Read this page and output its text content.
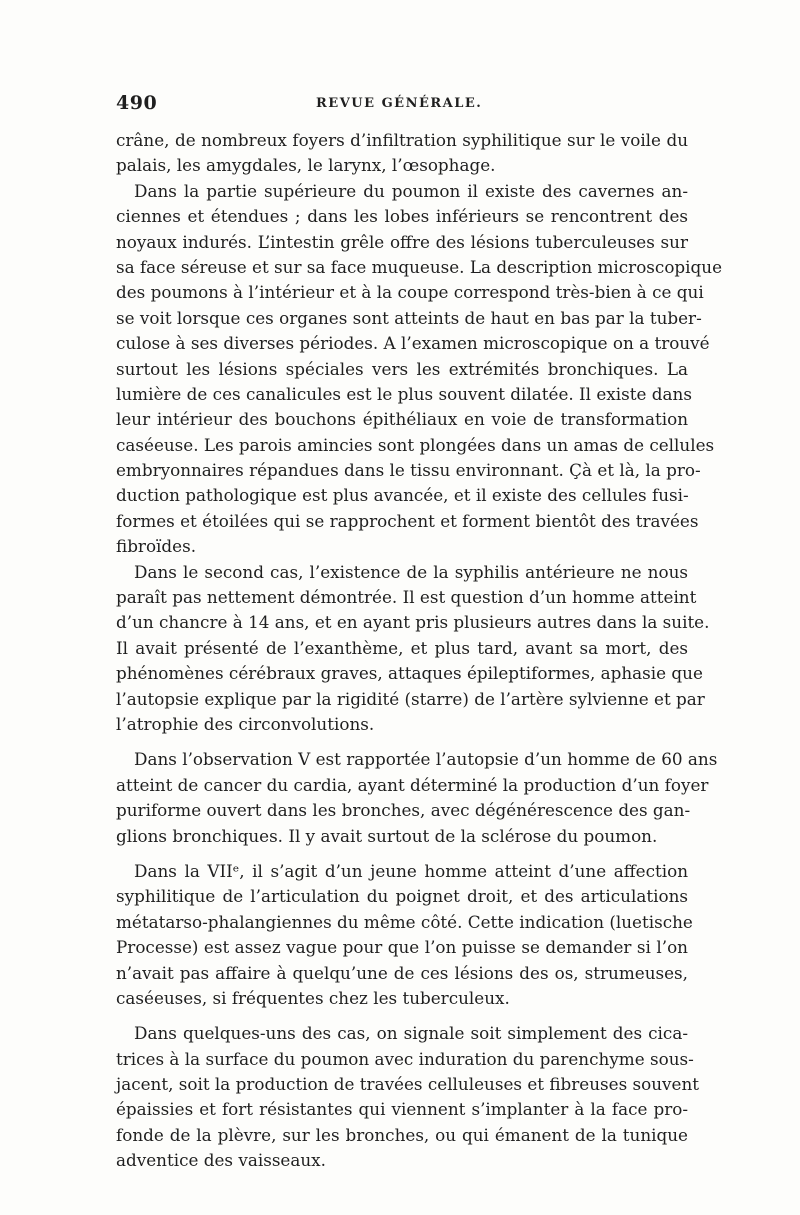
490	REVUE GÉNÉRALE.
crâne, de nombreux foyers d’infiltration syphilitique sur le voile du
palais, les amygdales, le larynx, l’œsophage.
Dans la partie supérieure du poumon il existe des cavernes an-
ciennes et étendues ; dans les lobes inférieurs se rencontrent des
noyaux indurés. L’intestin grêle offre des lésions tuberculeuses sur
sa face séreuse et sur sa face muqueuse. La description microscopique
des poumons à l’intérieur et à la coupe correspond très-bien à ce qui
se voit lorsque ces organes sont atteints de haut en bas par la tuber-
culose à ses diverses périodes. A l’examen microscopique on a trouvé
surtout les lésions spéciales vers les extrémités bronchiques. La
lumière de ces canalicules est le plus souvent dilatée. Il existe dans
leur intérieur des bouchons épithéliaux en voie de transformation
caséeuse. Les parois amincies sont plongées dans un amas de cellules
embryonnaires répandues dans le tissu environnant. Çà et là, la pro-
duction pathologique est plus avancée, et il existe des cellules fusi-
formes et étoilées qui se rapprochent et forment bientôt des travées
fibroïdes.
Dans le second cas, l’existence de la syphilis antérieure ne nous
paraît pas nettement démontrée. Il est question d’un homme atteint
d’un chancre à 14 ans, et en ayant pris plusieurs autres dans la suite.
Il avait présenté de l’exanthème, et plus tard, avant sa mort, des
phénomènes cérébraux graves, attaques épileptiformes, aphasie que
l’autopsie explique par la rigidité (starre) de l’artère sylvienne et par
l’atrophie des circonvolutions.
Dans l’observation V est rapportée l’autopsie d’un homme de 60 ans
atteint de cancer du cardia, ayant déterminé la production d’un foyer
puriforme ouvert dans les bronches, avec dégénérescence des gan-
glions bronchiques. Il y avait surtout de la sclérose du poumon.
Dans la VIIᵉ, il s’agit d’un jeune homme atteint d’une affection
syphilitique de l’articulation du poignet droit, et des articulations
métatarso-phalangiennes du même côté. Cette indication (luetische
Processe) est assez vague pour que l’on puisse se demander si l’on
n’avait pas affaire à quelqu’une de ces lésions des os, strumeuses,
caséeuses, si fréquentes chez les tuberculeux.
Dans quelques-uns des cas, on signale soit simplement des cica-
trices à la surface du poumon avec induration du parenchyme sous-
jacent, soit la production de travées celluleuses et fibreuses souvent
épaissies et fort résistantes qui viennent s’implanter à la face pro-
fonde de la plèvre, sur les bronches, ou qui émanent de la tunique
adventice des vaisseaux.
